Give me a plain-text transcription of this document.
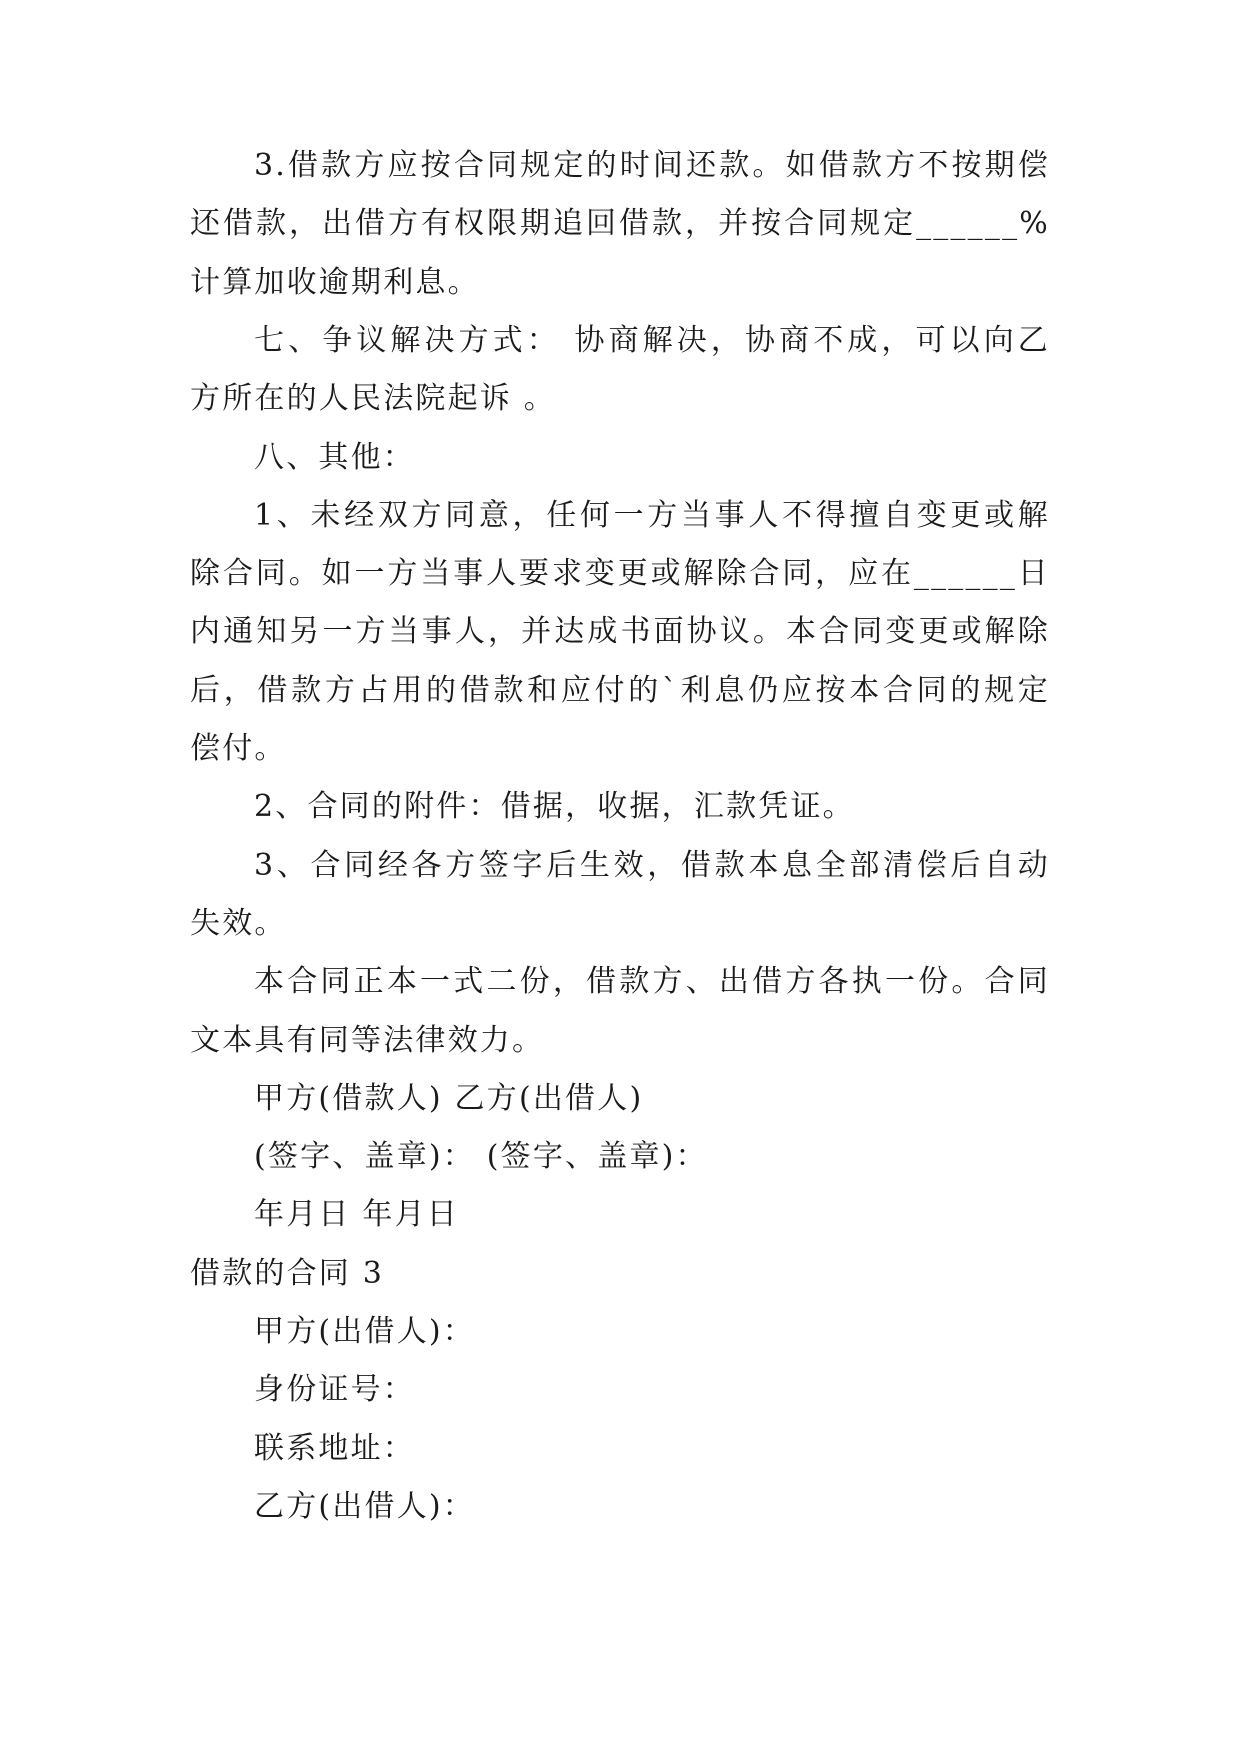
3.借款方应按合同规定的时间还款。如借款方不按期偿
还借款，出借方有权限期追回借款，并按合同规定______%
计算加收逾期利息。
七、争议解决方式： 协商解决，协商不成，可以向乙
方所在的人民法院起诉 。
八、其他：
1、未经双方同意，任何一方当事人不得擅自变更或解
除合同。如一方当事人要求变更或解除合同，应在______日
内通知另一方当事人，并达成书面协议。本合同变更或解除
后，借款方占用的借款和应付的`利息仍应按本合同的规定
偿付。
2、合同的附件：借据，收据，汇款凭证。
3、合同经各方签字后生效，借款本息全部清偿后自动
失效。
本合同正本一式二份，借款方、出借方各执一份。合同
文本具有同等法律效力。
甲方(借款人) 乙方(出借人)
(签字、盖章)： (签字、盖章)：
年月日 年月日
借款的合同 3
甲方(出借人)：
身份证号：
联系地址：
乙方(出借人)：
